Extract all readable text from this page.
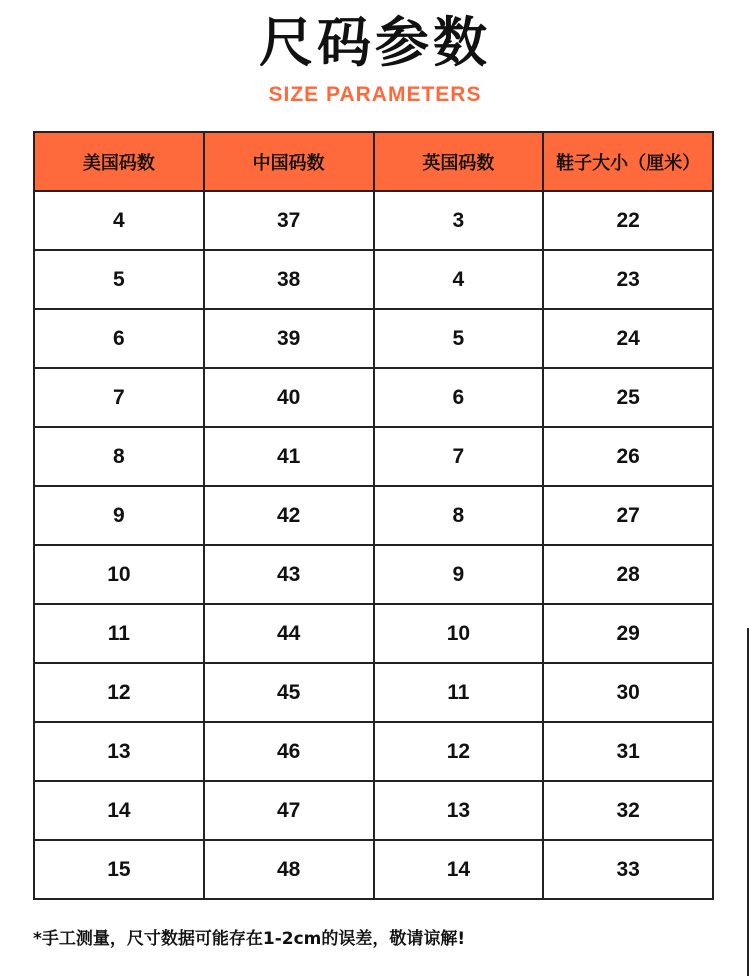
尺码参数
SIZE PARAMETERS
美国码数	中国码数	英国码数	鞋子大小（厘米）
4	37	3	22
5	38	4	23
6	39	5	24
7	40	6	25
8	41	7	26
9	42	8	27
10	43	9	28
11	44	10	29
12	45	11	30
13	46	12	31
14	47	13	32
15	48	14	33
*手工测量，尺寸数据可能存在1-2cm的误差，敬请谅解!
